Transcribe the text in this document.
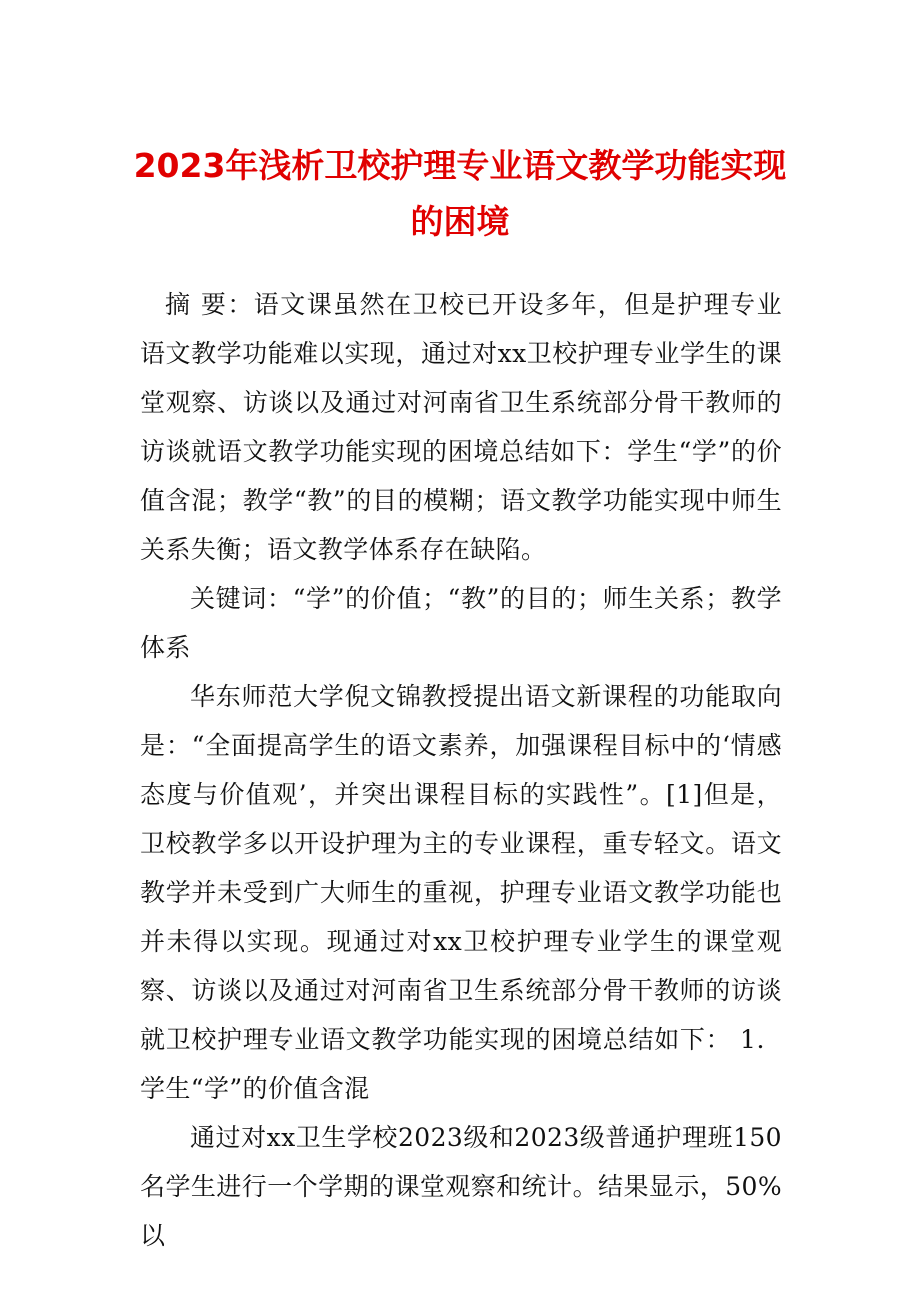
2023年浅析卫校护理专业语文教学功能实现的困境

摘 要：语文课虽然在卫校已开设多年，但是护理专业语文教学功能难以实现，通过对xx卫校护理专业学生的课堂观察、访谈以及通过对河南省卫生系统部分骨干教师的访谈就语文教学功能实现的困境总结如下：学生“学”的价值含混；教学“教”的目的模糊；语文教学功能实现中师生关系失衡；语文教学体系存在缺陷。

关键词：“学”的价值；“教”的目的；师生关系；教学体系

华东师范大学倪文锦教授提出语文新课程的功能取向是：“全面提高学生的语文素养，加强课程目标中的‘情感态度与价值观’，并突出课程目标的实践性”。[1]但是，卫校教学多以开设护理为主的专业课程，重专轻文。语文教学并未受到广大师生的重视，护理专业语文教学功能也并未得以实现。现通过对xx卫校护理专业学生的课堂观察、访谈以及通过对河南省卫生系统部分骨干教师的访谈就卫校护理专业语文教学功能实现的困境总结如下： 1．学生“学”的价值含混

通过对xx卫生学校2023级和2023级普通护理班150名学生进行一个学期的课堂观察和统计。结果显示，50%以
